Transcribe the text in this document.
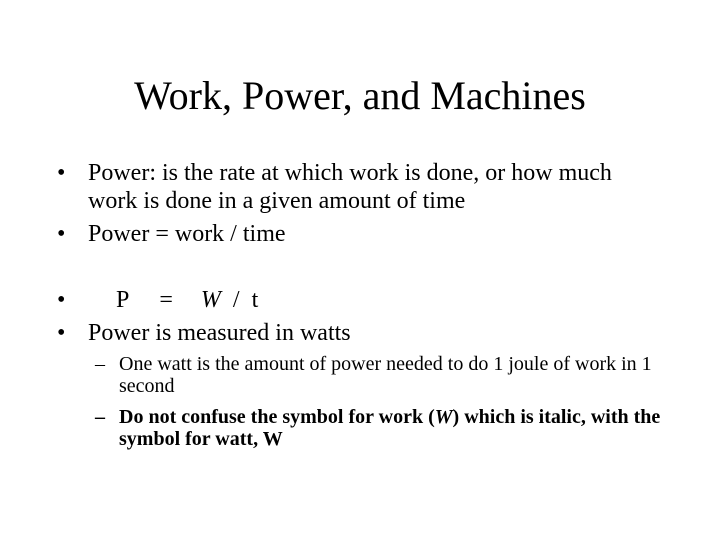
Work, Power, and Machines
• Power: is the rate at which work is done, or how much work is done in a given amount of time
• Power = work / time
•	P = W / t
• Power is measured in watts
– One watt is the amount of power needed to do 1 joule of work in 1 second
– Do not confuse the symbol for work (W) which is italic, with the symbol for watt, W
